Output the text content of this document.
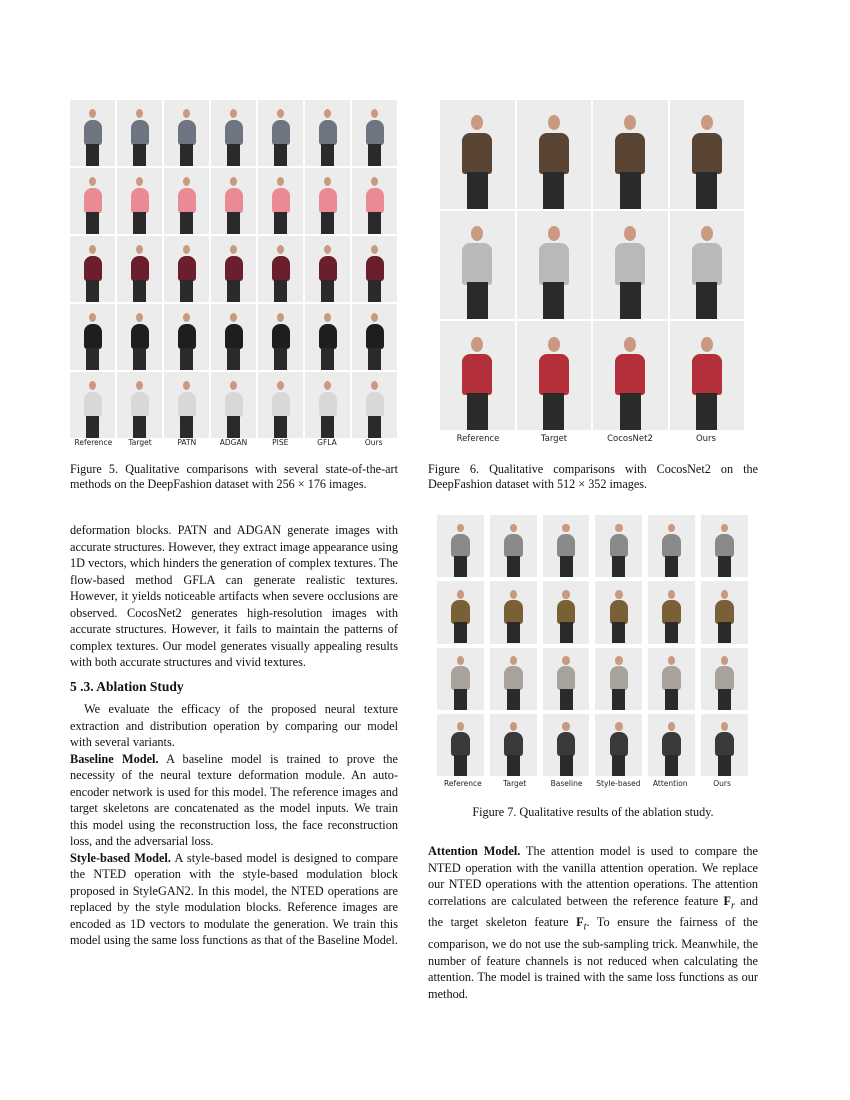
Reference	Target	PATN	ADGAN	PISE	GFLA	Ours
Figure 5. Qualitative comparisons with several state-of-the-art methods on the DeepFashion dataset with 256 × 176 images.
Reference	Target	CocosNet2	Ours
Figure 6. Qualitative comparisons with CocosNet2 on the DeepFashion dataset with 512 × 352 images.
Reference	Target	Baseline	Style-based	Attention	Ours
Figure 7. Qualitative results of the ablation study.

deformation blocks. PATN and ADGAN generate images with accurate structures. However, they extract image appearance using 1D vectors, which hinders the generation of complex textures. The flow-based method GFLA can generate realistic textures. However, it yields noticeable artifacts when severe occlusions are observed. CocosNet2 generates high-resolution images with accurate structures. However, it fails to maintain the patterns of complex textures. Our model generates visually appealing results with both accurate structures and vivid textures.

5 .3. Ablation Study

We evaluate the efficacy of the proposed neural texture extraction and distribution operation by comparing our model with several variants.

Baseline Model. A baseline model is trained to prove the necessity of the neural texture deformation module. An auto-encoder network is used for this model. The reference images and target skeletons are concatenated as the model inputs. We train this model using the reconstruction loss, the face reconstruction loss, and the adversarial loss.

Style-based Model. A style-based model is designed to compare the NTED operation with the style-based modulation block proposed in StyleGAN2. In this model, the NTED operations are replaced by the style modulation blocks. Reference images are encoded as 1D vectors to modulate the generation. We train this model using the same loss functions as that of the Baseline Model.

Attention Model. The attention model is used to compare the NTED operation with the vanilla attention operation. We replace our NTED operations with the attention operations. The attention correlations are calculated between the reference feature $F_r$ and the target skeleton feature $F_t$. To ensure the fairness of the comparison, we do not use the sub-sampling trick. Meanwhile, the number of feature channels is not reduced when calculating the attention. The model is trained with the same loss functions as our method.
